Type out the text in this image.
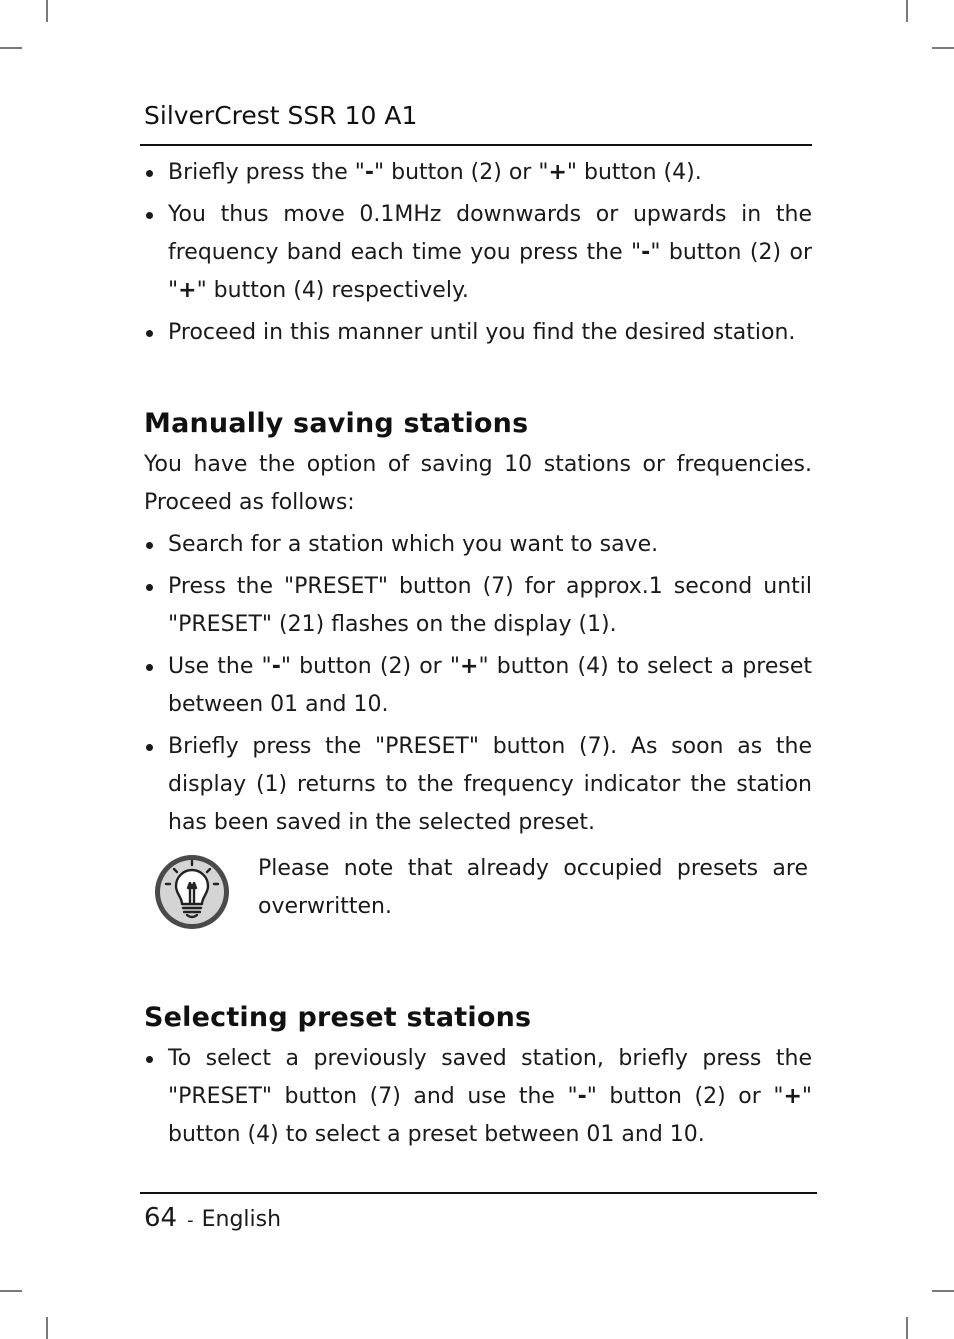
SilverCrest SSR 10 A1
Briefly press the "-" button (2) or "+" button (4).
You thus move 0.1MHz downwards or upwards in the frequency band each time you press the "-" button (2) or "+" button (4) respectively.
Proceed in this manner until you find the desired station.
Manually saving stations

You have the option of saving 10 stations or frequencies. Proceed as follows:

Search for a station which you want to save.
Press the "PRESET" button (7) for approx.1 second until "PRESET" (21) flashes on the display (1).
Use the "-" button (2) or "+" button (4) to select a preset between 01 and 10.
Briefly press the "PRESET" button (7). As soon as the display (1) returns to the frequency indicator the station has been saved in the selected preset.
Please note that already occupied presets are overwritten.
Selecting preset stations
To select a previously saved station, briefly press the "PRESET" button (7) and use the "-" button (2) or "+" button (4) to select a preset between 01 and 10.
64 - English
